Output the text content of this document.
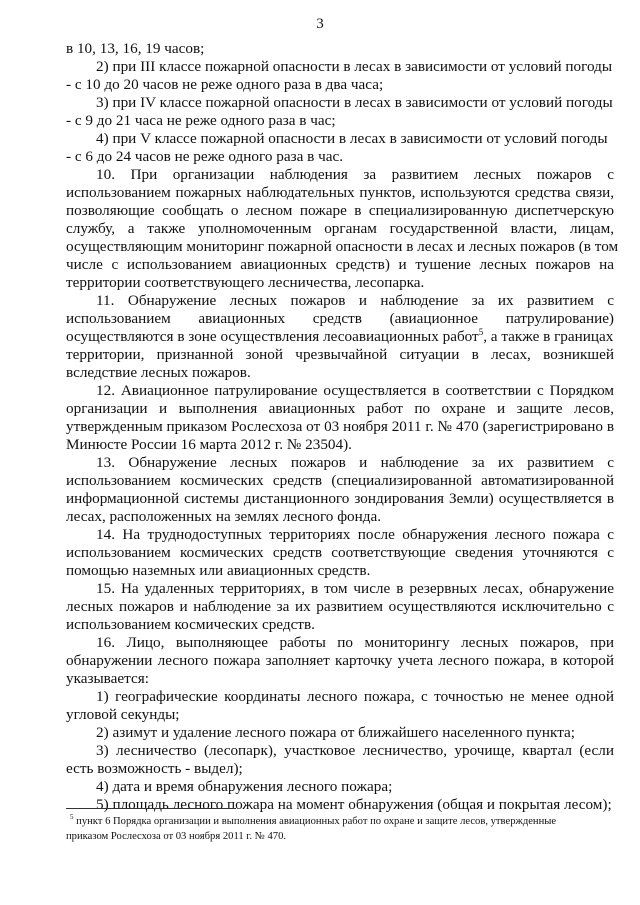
3
в 10, 13, 16, 19 часов;
2) при III классе пожарной опасности в лесах в зависимости от условий погоды
- с 10 до 20 часов не реже одного раза в два часа;
3) при IV классе пожарной опасности в лесах в зависимости от условий погоды
- с 9 до 21 часа не реже одного раза в час;
4) при V классе пожарной опасности в лесах в зависимости от условий погоды
- с 6 до 24 часов не реже одного раза в час.
10. При организации наблюдения за развитием лесных пожаров с
использованием пожарных наблюдательных пунктов, используются средства связи,
позволяющие сообщать о лесном пожаре в специализированную диспетчерскую
службу, а также уполномоченным органам государственной власти, лицам,
осуществляющим мониторинг пожарной опасности в лесах и лесных пожаров (в том
числе с использованием авиационных средств) и тушение лесных пожаров на
территории соответствующего лесничества, лесопарка.
11. Обнаружение лесных пожаров и наблюдение за их развитием с
использованием авиационных средств (авиационное патрулирование)
осуществляются в зоне осуществления лесоавиационных работ$^5$, а также в границах
территории, признанной зоной чрезвычайной ситуации в лесах, возникшей
вследствие лесных пожаров.
12. Авиационное патрулирование осуществляется в соответствии с Порядком
организации и выполнения авиационных работ по охране и защите лесов,
утвержденным приказом Рослесхоза от 03 ноября 2011 г. № 470 (зарегистрировано в
Минюсте России 16 марта 2012 г. № 23504).
13. Обнаружение лесных пожаров и наблюдение за их развитием с
использованием космических средств (специализированной автоматизированной
информационной системы дистанционного зондирования Земли) осуществляется в
лесах, расположенных на землях лесного фонда.
14. На труднодоступных территориях после обнаружения лесного пожара с
использованием космических средств соответствующие сведения уточняются с
помощью наземных или авиационных средств.
15. На удаленных территориях, в том числе в резервных лесах, обнаружение
лесных пожаров и наблюдение за их развитием осуществляются исключительно с
использованием космических средств.
16. Лицо, выполняющее работы по мониторингу лесных пожаров, при
обнаружении лесного пожара заполняет карточку учета лесного пожара, в которой
указывается:
1) географические координаты лесного пожара, с точностью не менее одной
угловой секунды;
2) азимут и удаление лесного пожара от ближайшего населенного пункта;
3) лесничество (лесопарк), участковое лесничество, урочище, квартал (если
есть возможность - выдел);
4) дата и время обнаружения лесного пожара;
5) площадь лесного пожара на момент обнаружения (общая и покрытая лесом);
$^5$ пункт 6 Порядка организации и выполнения авиационных работ по охране и защите лесов, утвержденные
приказом Рослесхоза от 03 ноября 2011 г. № 470.
